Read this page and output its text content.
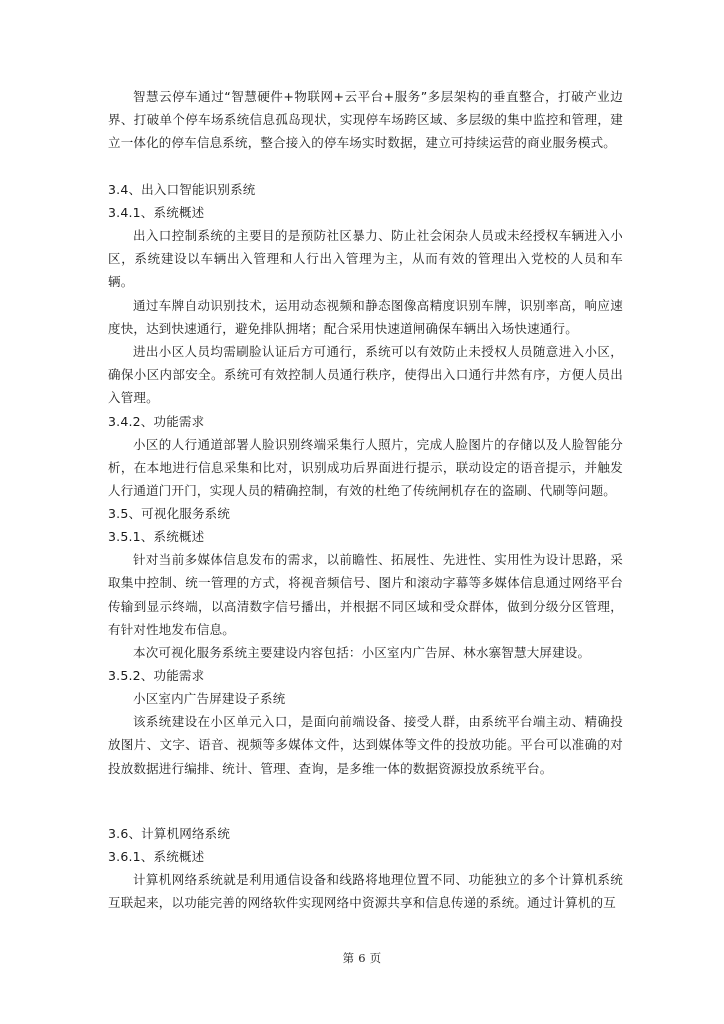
智慧云停车通过“智慧硬件+物联网+云平台+服务”多层架构的垂直整合，打破产业边界、打破单个停车场系统信息孤岛现状，实现停车场跨区域、多层级的集中监控和管理，建立一体化的停车信息系统，整合接入的停车场实时数据，建立可持续运营的商业服务模式。

3.4、出入口智能识别系统

3.4.1、系统概述

出入口控制系统的主要目的是预防社区暴力、防止社会闲杂人员或未经授权车辆进入小区，系统建设以车辆出入管理和人行出入管理为主，从而有效的管理出入党校的人员和车辆。

通过车牌自动识别技术，运用动态视频和静态图像高精度识别车牌，识别率高，响应速度快，达到快速通行，避免排队拥堵；配合采用快速道闸确保车辆出入场快速通行。

进出小区人员均需刷脸认证后方可通行，系统可以有效防止未授权人员随意进入小区，确保小区内部安全。系统可有效控制人员通行秩序，使得出入口通行井然有序，方便人员出入管理。

3.4.2、功能需求

小区的人行通道部署人脸识别终端采集行人照片，完成人脸图片的存储以及人脸智能分析，在本地进行信息采集和比对，识别成功后界面进行提示，联动设定的语音提示，并触发人行通道门开门，实现人员的精确控制，有效的杜绝了传统闸机存在的盗刷、代刷等问题。

3.5、可视化服务系统

3.5.1、系统概述

针对当前多媒体信息发布的需求，以前瞻性、拓展性、先进性、实用性为设计思路，采取集中控制、统一管理的方式，将视音频信号、图片和滚动字幕等多媒体信息通过网络平台传输到显示终端，以高清数字信号播出，并根据不同区域和受众群体，做到分级分区管理，有针对性地发布信息。

本次可视化服务系统主要建设内容包括：小区室内广告屏、林水寨智慧大屏建设。

3.5.2、功能需求

小区室内广告屏建设子系统

该系统建设在小区单元入口，是面向前端设备、接受人群，由系统平台端主动、精确投放图片、文字、语音、视频等多媒体文件，达到媒体等文件的投放功能。平台可以准确的对投放数据进行编排、统计、管理、查询，是多维一体的数据资源投放系统平台。

3.6、计算机网络系统

3.6.1、系统概述

计算机网络系统就是利用通信设备和线路将地理位置不同、功能独立的多个计算机系统互联起来，以功能完善的网络软件实现网络中资源共享和信息传递的系统。通过计算机的互

第 6 页
